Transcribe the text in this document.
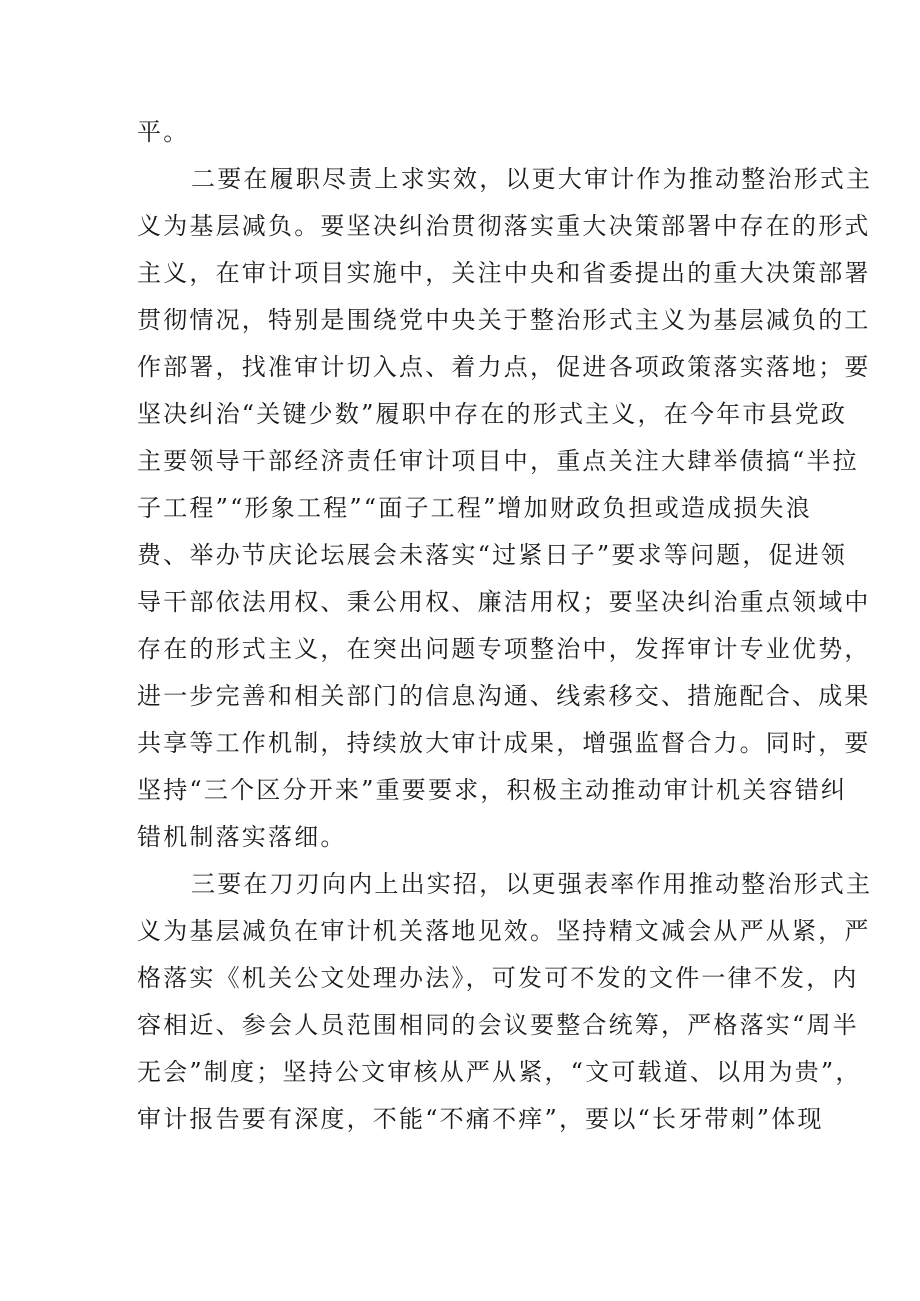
平。
二要在履职尽责上求实效，以更大审计作为推动整治形式主
义为基层减负。要坚决纠治贯彻落实重大决策部署中存在的形式
主义，在审计项目实施中，关注中央和省委提出的重大决策部署
贯彻情况，特别是围绕党中央关于整治形式主义为基层减负的工
作部署，找准审计切入点、着力点，促进各项政策落实落地；要
坚决纠治“关键少数”履职中存在的形式主义，在今年市县党政
主要领导干部经济责任审计项目中，重点关注大肆举债搞“半拉
子工程”“形象工程”“面子工程”增加财政负担或造成损失浪
费、举办节庆论坛展会未落实“过紧日子”要求等问题，促进领
导干部依法用权、秉公用权、廉洁用权；要坚决纠治重点领域中
存在的形式主义，在突出问题专项整治中，发挥审计专业优势，
进一步完善和相关部门的信息沟通、线索移交、措施配合、成果
共享等工作机制，持续放大审计成果，增强监督合力。同时，要
坚持“三个区分开来”重要要求，积极主动推动审计机关容错纠
错机制落实落细。
三要在刀刃向内上出实招，以更强表率作用推动整治形式主
义为基层减负在审计机关落地见效。坚持精文减会从严从紧，严
格落实《机关公文处理办法》，可发可不发的文件一律不发，内
容相近、参会人员范围相同的会议要整合统筹，严格落实“周半
无会”制度；坚持公文审核从严从紧，“文可载道、以用为贵”，
审计报告要有深度，不能“不痛不痒”，要以“长牙带刺”体现
